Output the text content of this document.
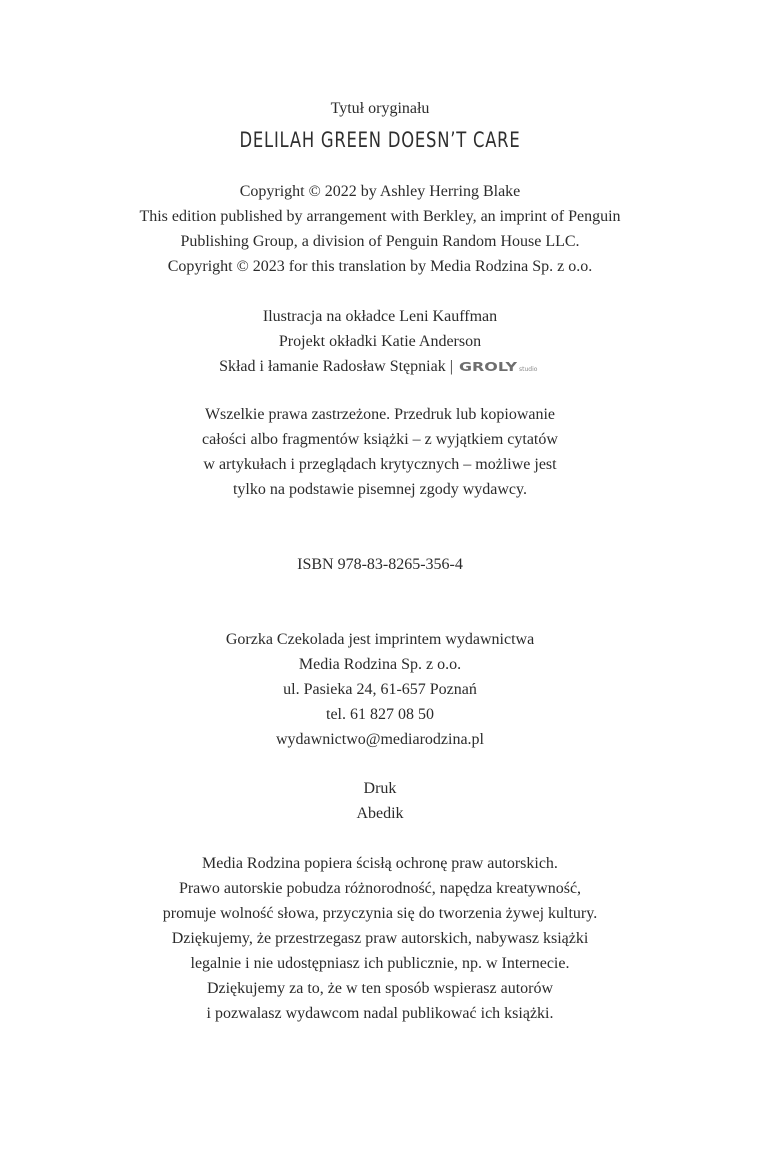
Tytuł oryginału
DELILAH GREEN DOESN’T CARE
Copyright © 2022 by Ashley Herring Blake
This edition published by arrangement with Berkley, an imprint of Penguin
Publishing Group, a division of Penguin Random House LLC.
Copyright © 2023 for this translation by Media Rodzina Sp. z o.o.
Ilustracja na okładce Leni Kauffman
Projekt okładki Katie Anderson
Skład i łamanie Radosław Stępniak | GROLY studio
Wszelkie prawa zastrzeżone. Przedruk lub kopiowanie
całości albo fragmentów książki – z wyjątkiem cytatów
w artykułach i przeglądach krytycznych – możliwe jest
tylko na podstawie pisemnej zgody wydawcy.
ISBN 978-83-8265-356-4
Gorzka Czekolada jest imprintem wydawnictwa
Media Rodzina Sp. z o.o.
ul. Pasieka 24, 61-657 Poznań
tel. 61 827 08 50
wydawnictwo@mediarodzina.pl
Druk
Abedik
Media Rodzina popiera ścisłą ochronę praw autorskich.
Prawo autorskie pobudza różnorodność, napędza kreatywność,
promuje wolność słowa, przyczynia się do tworzenia żywej kultury.
Dziękujemy, że przestrzegasz praw autorskich, nabywasz książki
legalnie i nie udostępniasz ich publicznie, np. w Internecie.
Dziękujemy za to, że w ten sposób wspierasz autorów
i pozwalasz wydawcom nadal publikować ich książki.
